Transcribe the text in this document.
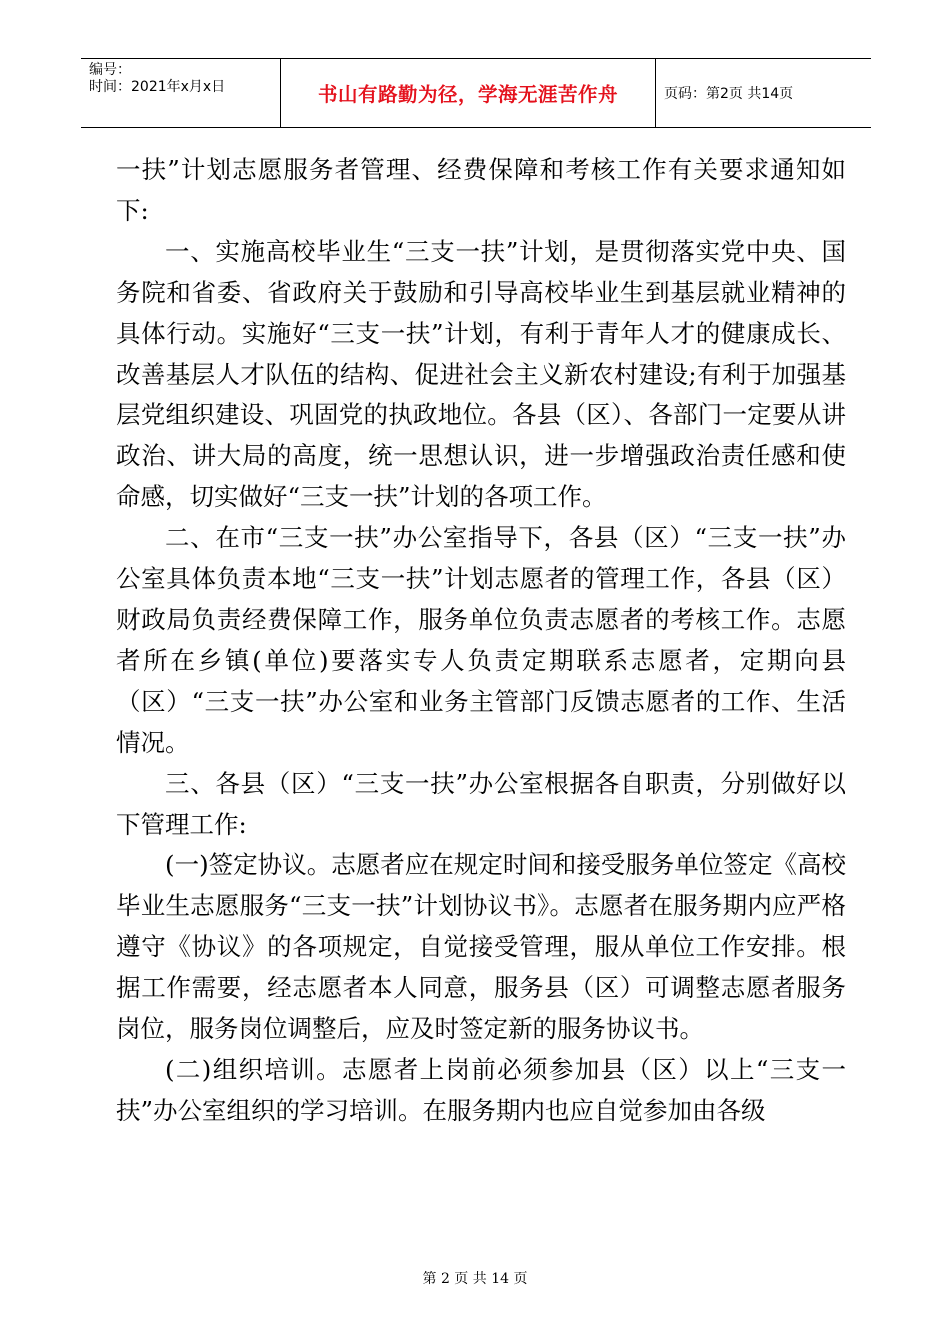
编号：
时间：2021年x月x日	书山有路勤为径，学海无涯苦作舟	页码：第2页 共14页

一扶”计划志愿服务者管理、经费保障和考核工作有关要求通知如下:

一、实施高校毕业生“三支一扶”计划，是贯彻落实党中央、国务院和省委、省政府关于鼓励和引导高校毕业生到基层就业精神的具体行动。实施好“三支一扶”计划，有利于青年人才的健康成长、改善基层人才队伍的结构、促进社会主义新农村建设;有利于加强基层党组织建设、巩固党的执政地位。各县（区）、各部门一定要从讲政治、讲大局的高度，统一思想认识，进一步增强政治责任感和使命感，切实做好“三支一扶”计划的各项工作。

二、在市“三支一扶”办公室指导下，各县（区）“三支一扶”办公室具体负责本地“三支一扶”计划志愿者的管理工作，各县（区）财政局负责经费保障工作，服务单位负责志愿者的考核工作。志愿者所在乡镇(单位)要落实专人负责定期联系志愿者，定期向县（区）“三支一扶”办公室和业务主管部门反馈志愿者的工作、生活情况。

三、各县（区）“三支一扶”办公室根据各自职责，分别做好以下管理工作:

(一)签定协议。志愿者应在规定时间和接受服务单位签定《高校毕业生志愿服务“三支一扶”计划协议书》。志愿者在服务期内应严格遵守《协议》的各项规定，自觉接受管理，服从单位工作安排。根据工作需要，经志愿者本人同意，服务县（区）可调整志愿者服务岗位，服务岗位调整后，应及时签定新的服务协议书。

(二)组织培训。志愿者上岗前必须参加县（区）以上“三支一扶”办公室组织的学习培训。在服务期内也应自觉参加由各级

第 2 页 共 14 页
